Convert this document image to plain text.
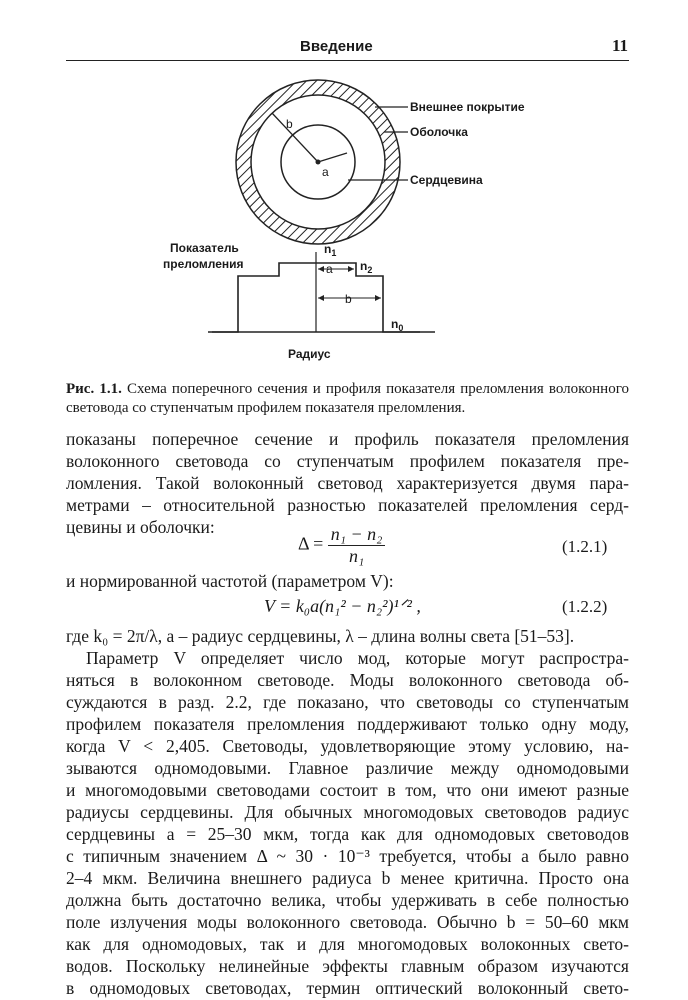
Введение	11
b
a
Внешнее покрытие
Оболочка
Сердцевина
Показатель
преломления	a
b
$n_1$
$n_2$
$n_0$
Радиус
Рис. 1.1. Схема поперечного сечения и профиля показателя преломления волоконного световода со ступенчатым профилем показателя преломления.
показаны поперечное сечение и профиль показателя преломления
волоконного световода со ступенчатым профилем показателя пре-
ломления. Такой волоконный световод характеризуется двумя пара-
метрами – относительной разностью показателей преломления серд-
цевины и оболочки:
$\Delta = \frac{\text{n₁ − n₂}}{\text{n₁}}$	(1.2.1)
и нормированной частотой (параметром V):
V = k₀a(n₁² − n₂²)¹ᐟ² ,	(1.2.2)
где k₀ = 2π/λ, a – радиус сердцевины, λ – длина волны света [51–53].
Параметр V определяет число мод, которые могут распростра-
няться в волоконном световоде. Моды волоконного световода об-
суждаются в разд. 2.2, где показано, что световоды со ступенчатым
профилем показателя преломления поддерживают только одну моду,
когда V < 2,405. Световоды, удовлетворяющие этому условию, на-
зываются одномодовыми. Главное различие между одномодовыми
и многомодовыми световодами состоит в том, что они имеют разные
радиусы сердцевины. Для обычных многомодовых световодов радиус
сердцевины a = 25–30 мкм, тогда как для одномодовых световодов
с типичным значением Δ ~ 30 · 10⁻³ требуется, чтобы a было равно
2–4 мкм. Величина внешнего радиуса b менее критична. Просто она
должна быть достаточно велика, чтобы удерживать в себе полностью
поле излучения моды волоконного световода. Обычно b = 50–60 мкм
как для одномодовых, так и для многомодовых волоконных свето-
водов. Поскольку нелинейные эффекты главным образом изучаются
в одномодовых световодах, термин оптический волоконный свето-
